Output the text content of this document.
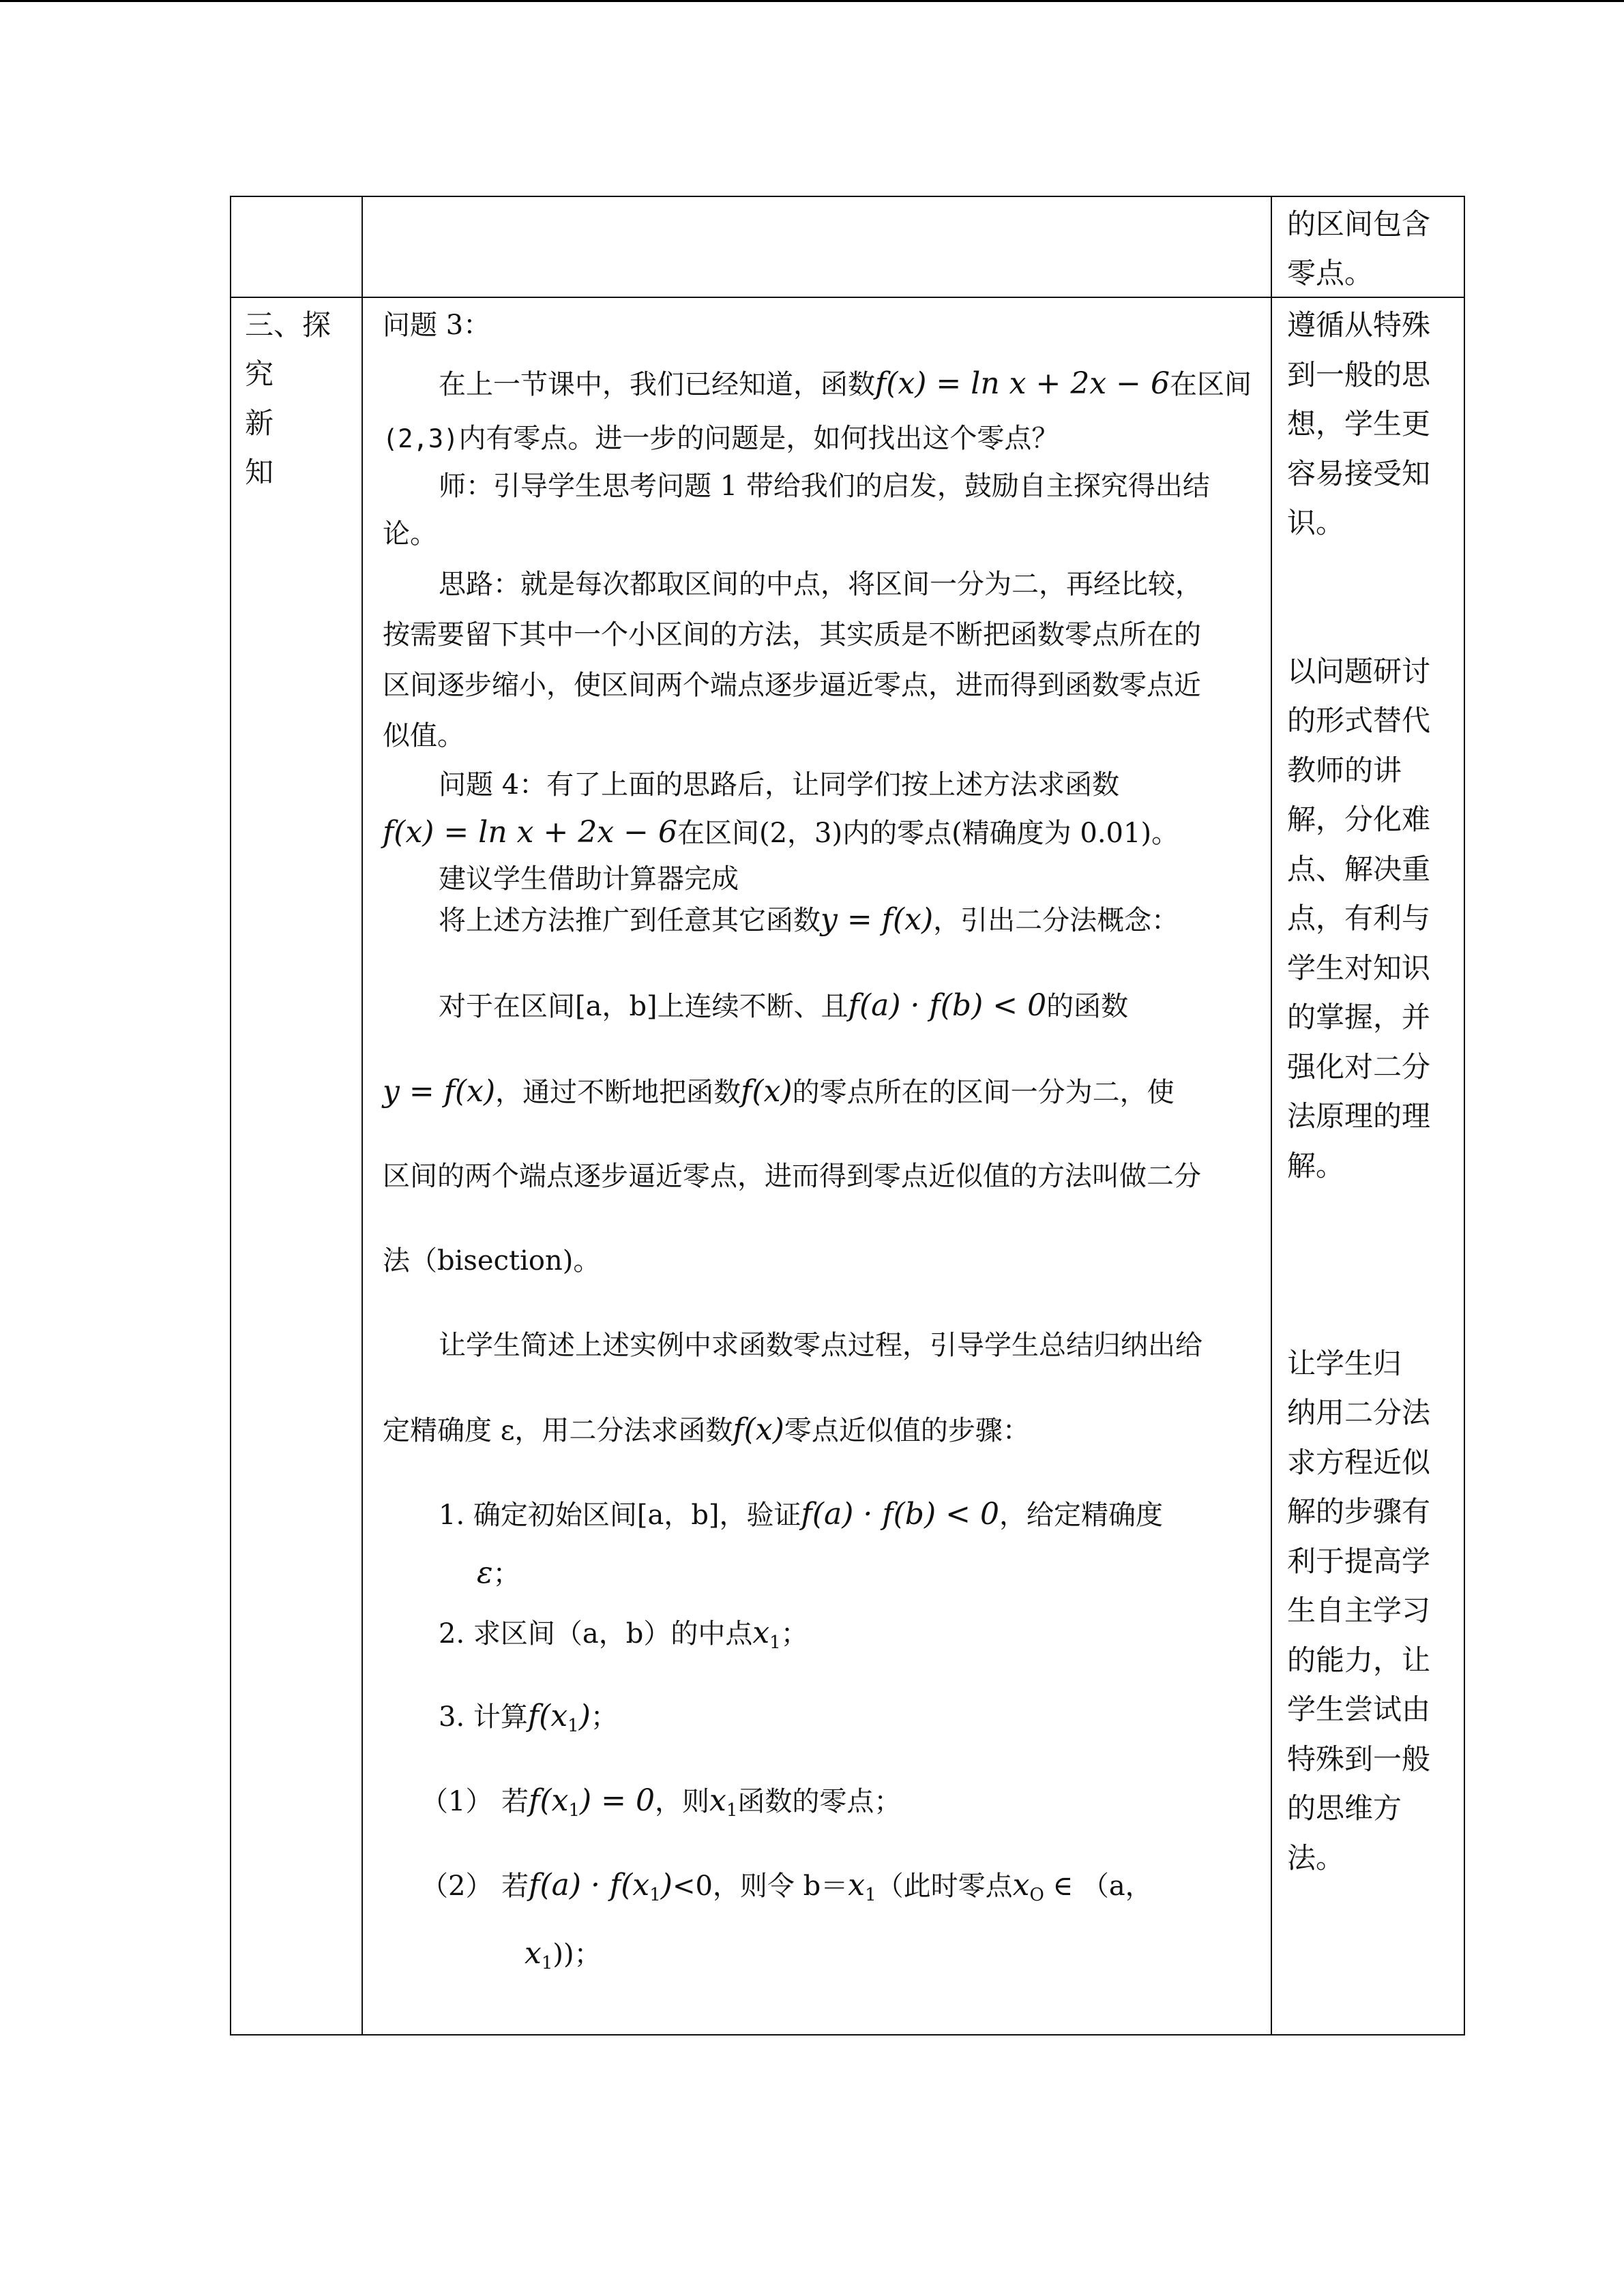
的区间包含
零点。
三、探
究
新
知
遵循从特殊
到一般的思
想，学生更
容易接受知
识。
以问题研讨
的形式替代
教师的讲
解，分化难
点、解决重
点，有利与
学生对知识
的掌握，并
强化对二分
法原理的理
解。
让学生归
纳用二分法
求方程近似
解的步骤有
利于提高学
生自主学习
的能力，让
学生尝试由
特殊到一般
的思维方
法。
问题 3：
在上一节课中，我们已经知道，函数f(x) = ln x + 2x − 6在区间
(2,3)内有零点。进一步的问题是，如何找出这个零点？
师：引导学生思考问题 1 带给我们的启发，鼓励自主探究得出结
论。
思路：就是每次都取区间的中点，将区间一分为二，再经比较，
按需要留下其中一个小区间的方法，其实质是不断把函数零点所在的
区间逐步缩小，使区间两个端点逐步逼近零点，进而得到函数零点近
似值。
问题 4：有了上面的思路后，让同学们按上述方法求函数
f(x) = ln x + 2x − 6在区间(2，3)内的零点(精确度为 0.01)。
建议学生借助计算器完成
将上述方法推广到任意其它函数y = f(x)，引出二分法概念：
对于在区间[a，b]上连续不断、且f(a) · f(b) < 0的函数
y = f(x)，通过不断地把函数f(x)的零点所在的区间一分为二，使
区间的两个端点逐步逼近零点，进而得到零点近似值的方法叫做二分
法（bisection)。
让学生简述上述实例中求函数零点过程，引导学生总结归纳出给
定精确度 ε，用二分法求函数f(x)零点近似值的步骤：
1. 确定初始区间[a，b]，验证f(a) · f(b) < 0，给定精确度
ε；
2. 求区间（a，b）的中点$x_1$；
3. 计算$f(x_1)$；
（1） 若$f(x_1) = 0$，则$x_1$函数的零点；
（2） 若$f(a) \cdot f(x_1)<0$，则令 $b=x_1$（此时零点$x_O$ ∈ （a，
$x_1$))；
